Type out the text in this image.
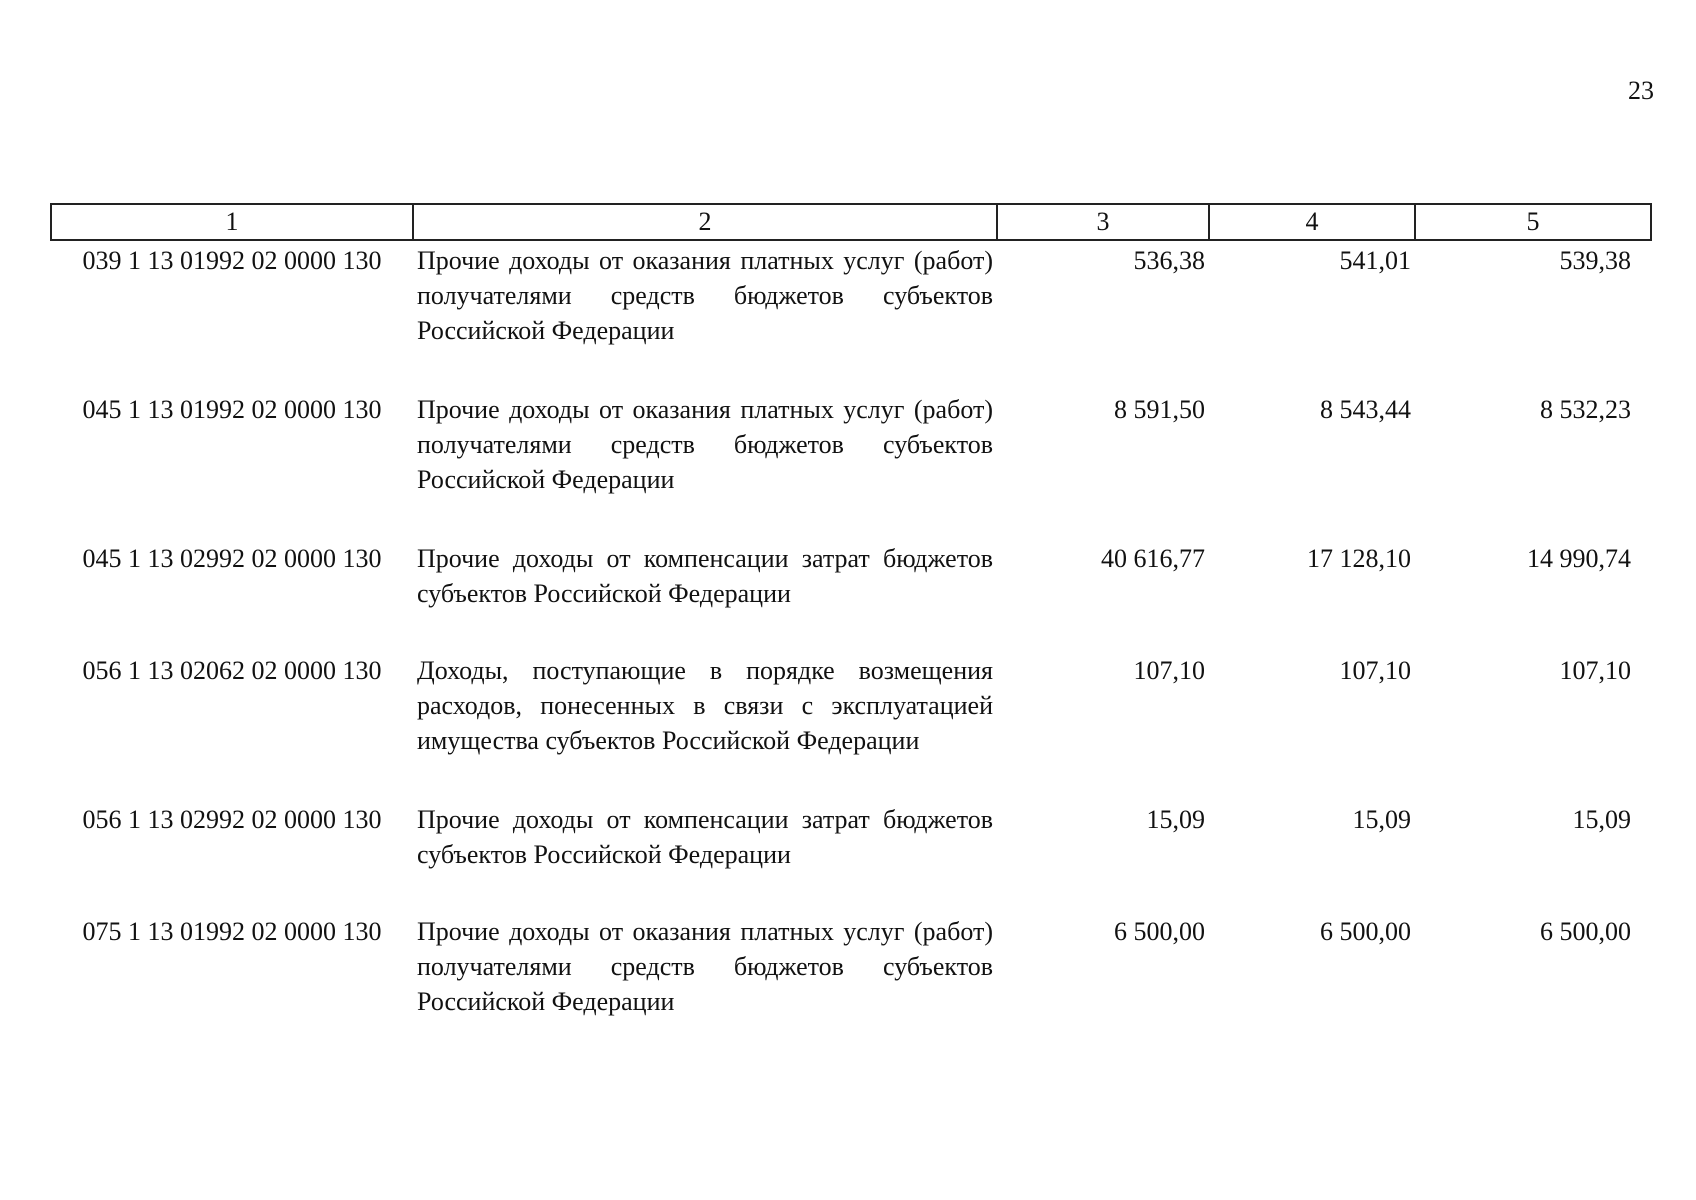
23
1	2	3	4	5
039 1 13 01992 02 0000 130	Прочие доходы от оказания платных услуг (работ) получателями средств бюджетов субъектов Российской Федерации	536,38	541,01	539,38
045 1 13 01992 02 0000 130	Прочие доходы от оказания платных услуг (работ) получателями средств бюджетов субъектов Российской Федерации	8 591,50	8 543,44	8 532,23
045 1 13 02992 02 0000 130	Прочие доходы от компенсации затрат бюджетов субъектов Российской Федерации	40 616,77	17 128,10	14 990,74
056 1 13 02062 02 0000 130	Доходы, поступающие в порядке возмещения расходов, понесенных в связи с эксплуатацией имущества субъектов Российской Федерации	107,10	107,10	107,10
056 1 13 02992 02 0000 130	Прочие доходы от компенсации затрат бюджетов субъектов Российской Федерации	15,09	15,09	15,09
075 1 13 01992 02 0000 130	Прочие доходы от оказания платных услуг (работ) получателями средств бюджетов субъектов Российской Федерации	6 500,00	6 500,00	6 500,00
